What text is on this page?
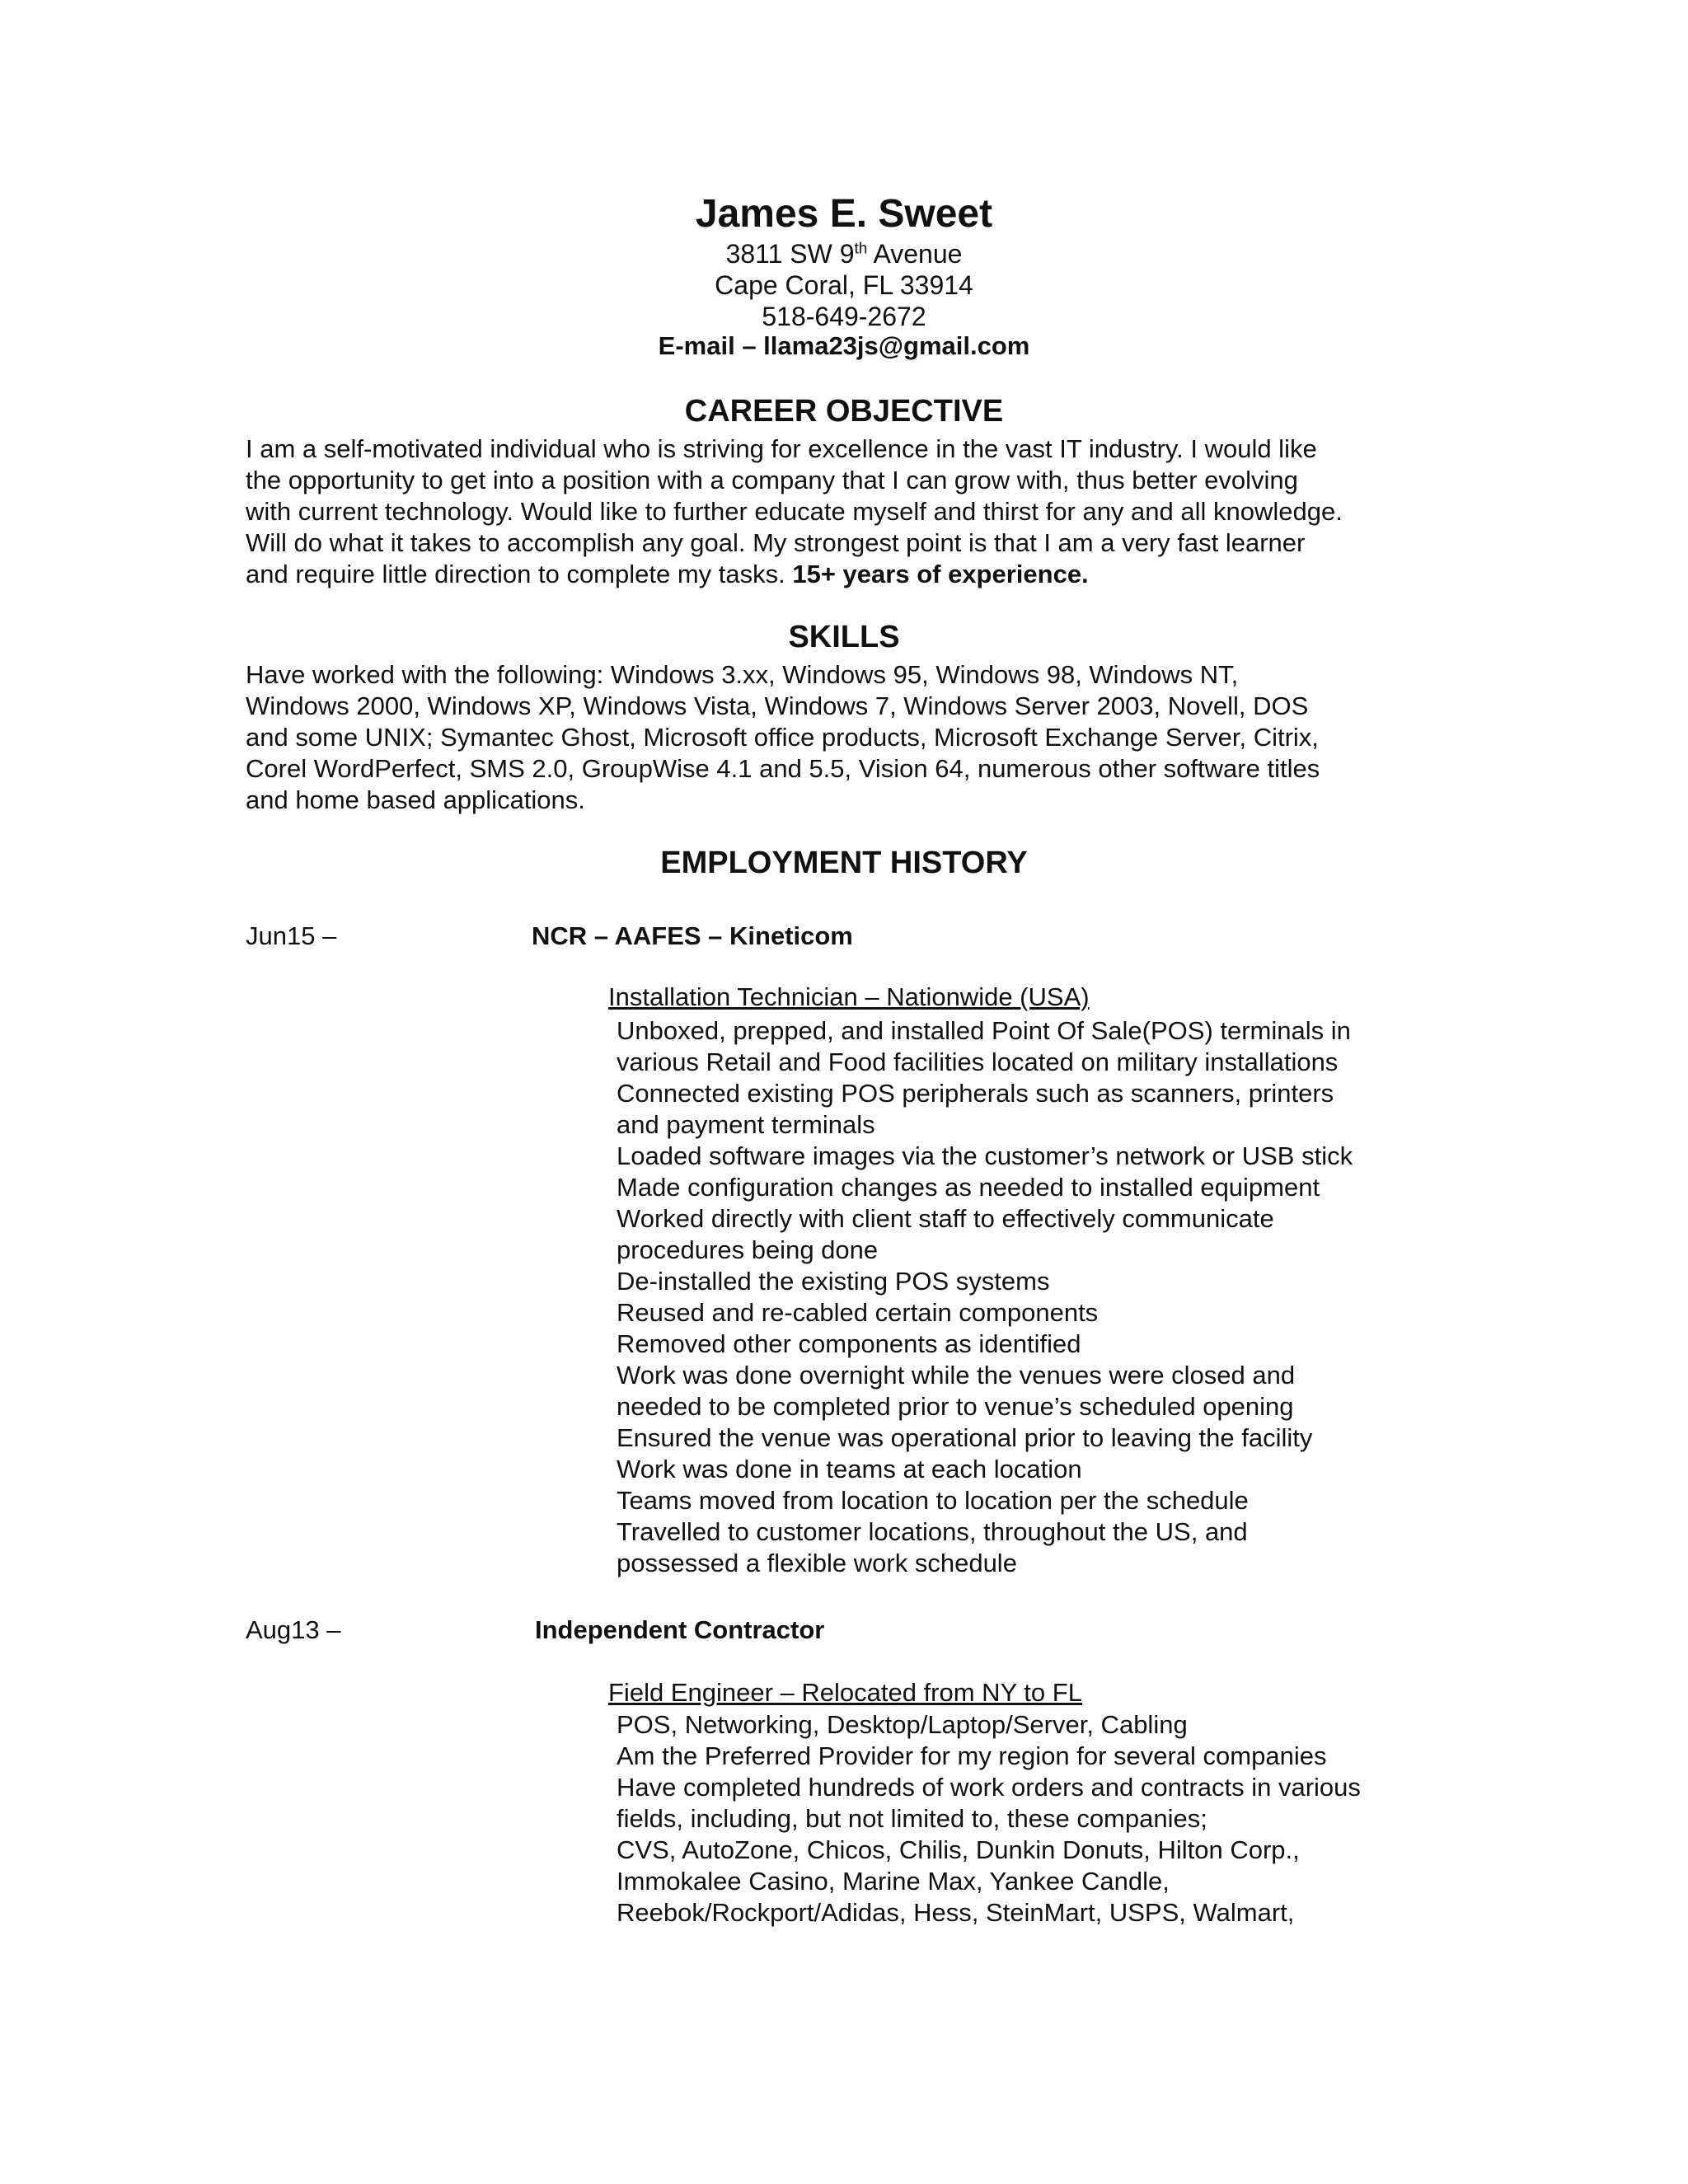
James E. Sweet
3811 SW 9th Avenue
Cape Coral, FL 33914
518-649-2672
E-mail – llama23js@gmail.com
CAREER OBJECTIVE

I am a self-motivated individual who is striving for excellence in the vast IT industry. I would like
the opportunity to get into a position with a company that I can grow with, thus better evolving
with current technology. Would like to further educate myself and thirst for any and all knowledge.
Will do what it takes to accomplish any goal. My strongest point is that I am a very fast learner
and require little direction to complete my tasks. 15+ years of experience.

SKILLS

Have worked with the following: Windows 3.xx, Windows 95, Windows 98, Windows NT,
Windows 2000, Windows XP, Windows Vista, Windows 7, Windows Server 2003, Novell, DOS
and some UNIX; Symantec Ghost, Microsoft office products, Microsoft Exchange Server, Citrix,
Corel WordPerfect, SMS 2.0, GroupWise 4.1 and 5.5, Vision 64, numerous other software titles
and home based applications.

EMPLOYMENT HISTORY
Jun15 –	NCR – AAFES – Kineticom
Installation Technician – Nationwide (USA)
Unboxed, prepped, and installed Point Of Sale(POS) terminals in
various Retail and Food facilities located on military installations
Connected existing POS peripherals such as scanners, printers
and payment terminals
Loaded software images via the customer’s network or USB stick
Made configuration changes as needed to installed equipment
Worked directly with client staff to effectively communicate
procedures being done
De-installed the existing POS systems
Reused and re-cabled certain components
Removed other components as identified
Work was done overnight while the venues were closed and
needed to be completed prior to venue’s scheduled opening
Ensured the venue was operational prior to leaving the facility
Work was done in teams at each location
Teams moved from location to location per the schedule
Travelled to customer locations, throughout the US, and
possessed a flexible work schedule
Aug13 –	Independent Contractor
Field Engineer – Relocated from NY to FL
POS, Networking, Desktop/Laptop/Server, Cabling
Am the Preferred Provider for my region for several companies
Have completed hundreds of work orders and contracts in various
fields, including, but not limited to, these companies;
CVS, AutoZone, Chicos, Chilis, Dunkin Donuts, Hilton Corp.,
Immokalee Casino, Marine Max, Yankee Candle,
Reebok/Rockport/Adidas, Hess, SteinMart, USPS, Walmart,
